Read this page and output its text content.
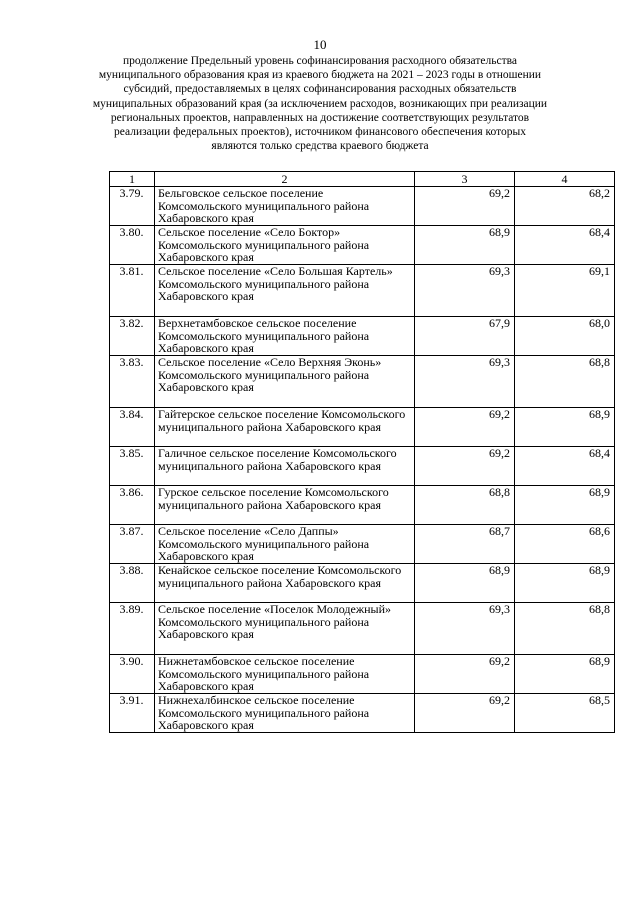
10
продолжение Предельный уровень софинансирования расходного обязательства муниципального образования края из краевого бюджета на 2021 – 2023 годы в отношении субсидий, предоставляемых в целях софинансирования расходных обязательств муниципальных образований края (за исключением расходов, возникающих при реализации региональных проектов, направленных на достижение соответствующих результатов реализации федеральных проектов), источником финансового обеспечения которых являются только средства краевого бюджета
1	2	3	4
3.79.	Бельговское сельское поселение Комсомольского муниципального района Хабаровского края	69,2	68,2
3.80.	Сельское поселение «Село Боктор» Комсомольского муниципального района Хабаровского края	68,9	68,4
3.81.	Сельское поселение «Село Большая Картель» Комсомольского муниципального района Хабаровского края	69,3	69,1
3.82.	Верхнетамбовское сельское поселение Комсомольского муниципального района Хабаровского края	67,9	68,0
3.83.	Сельское поселение «Село Верхняя Эконь» Комсомольского муниципального района Хабаровского края	69,3	68,8
3.84.	Гайтерское сельское поселение Комсомольского муниципального района Хабаровского края	69,2	68,9
3.85.	Галичное сельское поселение Комсомольского муниципального района Хабаровского края	69,2	68,4
3.86.	Гурское сельское поселение Комсомольского муниципального района Хабаровского края	68,8	68,9
3.87.	Сельское поселение «Село Даппы» Комсомольского муниципального района Хабаровского края	68,7	68,6
3.88.	Кенайское сельское поселение Комсомольского муниципального района Хабаровского края	68,9	68,9
3.89.	Сельское поселение «Поселок Молодежный» Комсомольского муниципального района Хабаровского края	69,3	68,8
3.90.	Нижнетамбовское сельское поселение Комсомольского муниципального района Хабаровского края	69,2	68,9
3.91.	Нижнехалбинское сельское поселение Комсомольского муниципального района Хабаровского края	69,2	68,5
